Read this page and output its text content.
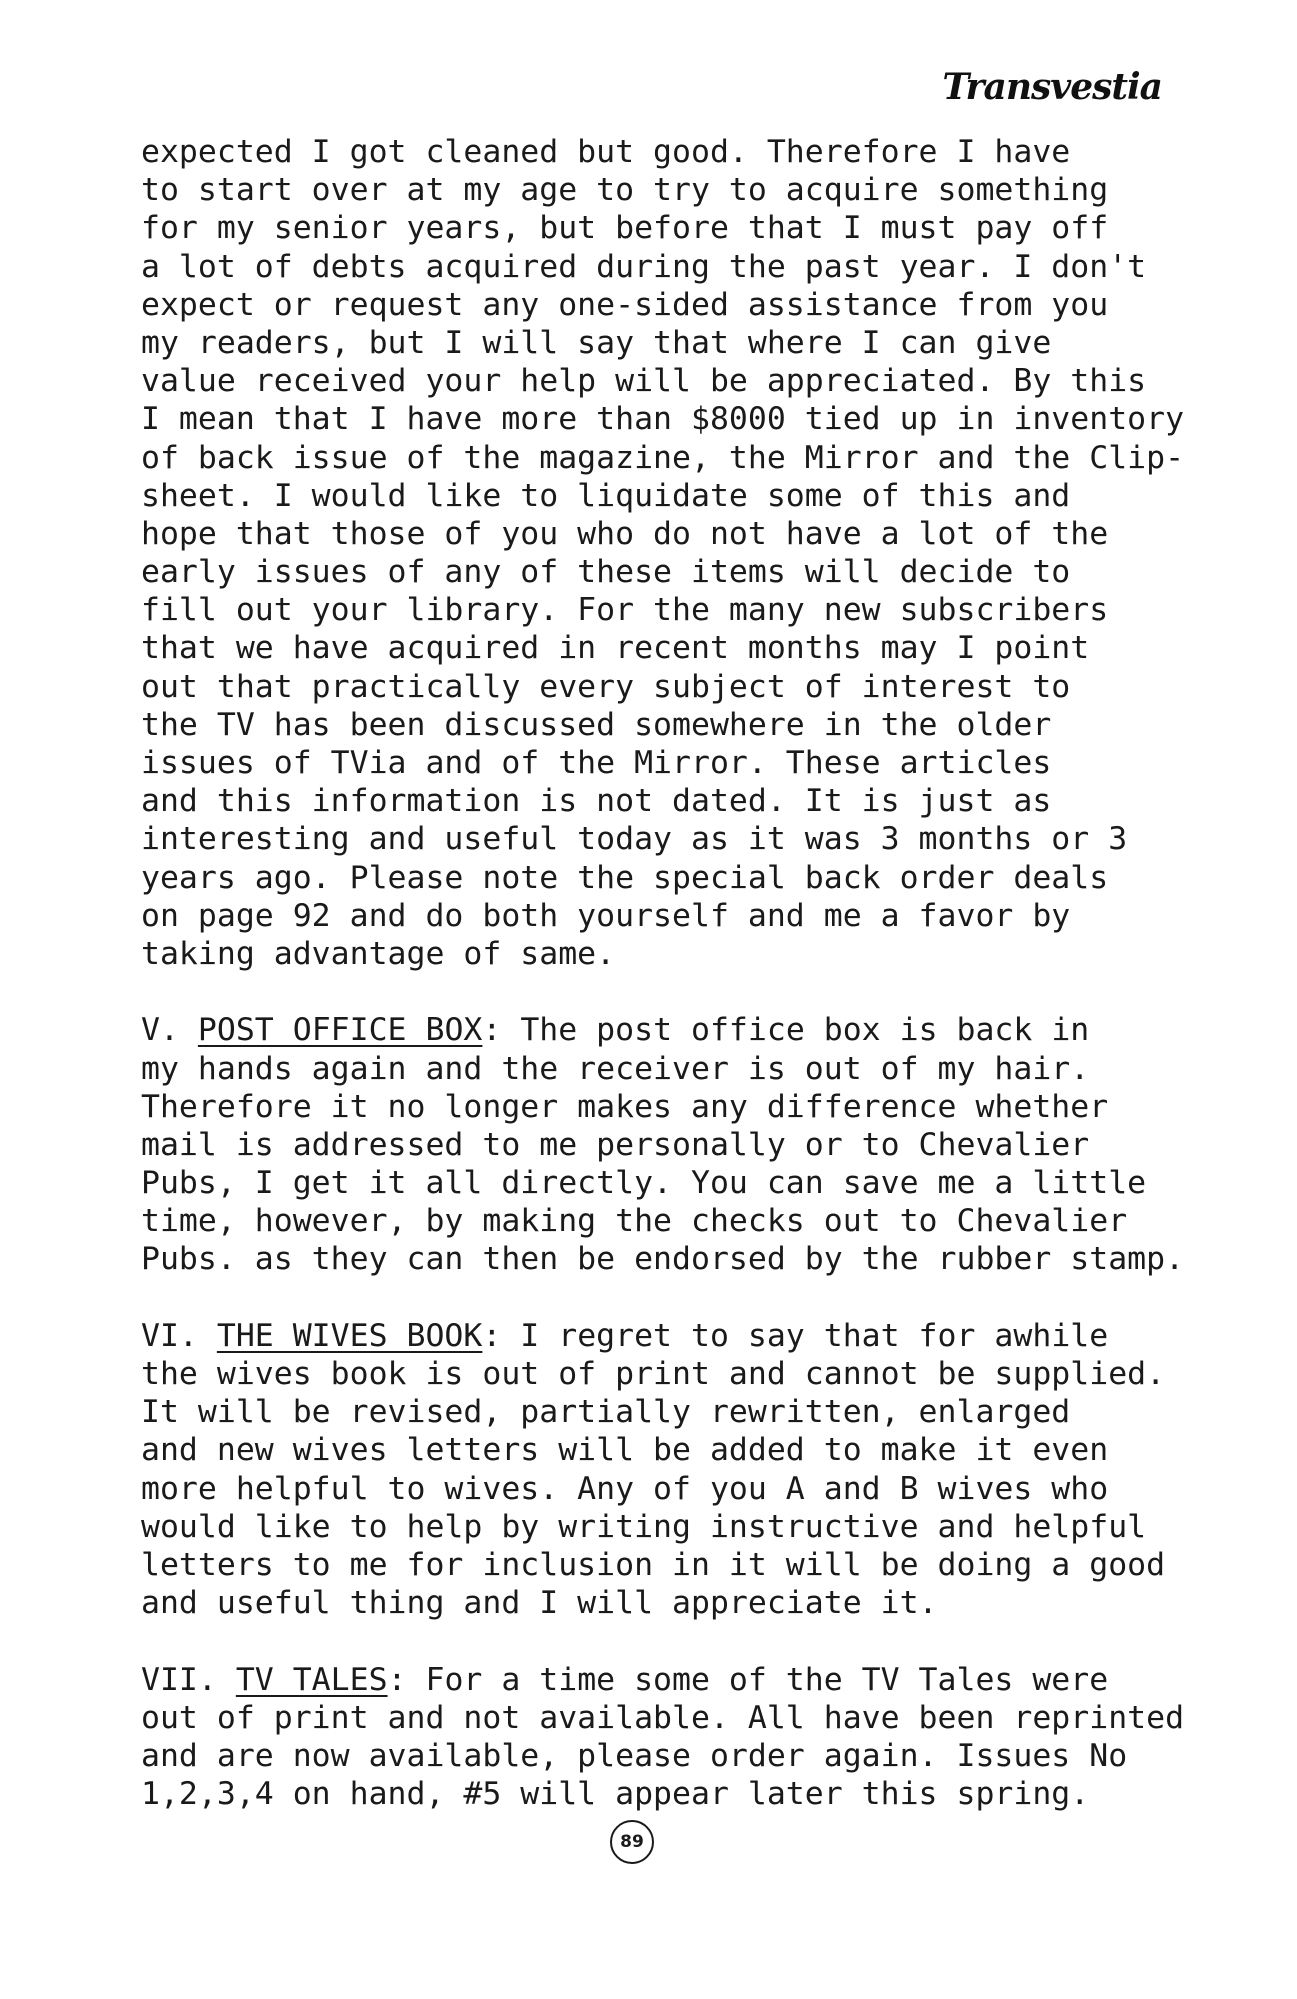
Transvestia
expected I got cleaned but good. Therefore I have
to start over at my age to try to acquire something
for my senior years, but before that I must pay off
a lot of debts acquired during the past year. I don't
expect or request any one-sided assistance from you
my readers, but I will say that where I can give
value received your help will be appreciated. By this
I mean that I have more than $8000 tied up in inventory
of back issue of the magazine, the Mirror and the Clip-
sheet. I would like to liquidate some of this and
hope that those of you who do not have a lot of the
early issues of any of these items will decide to
fill out your library. For the many new subscribers
that we have acquired in recent months may I point
out that practically every subject of interest to
the TV has been discussed somewhere in the older
issues of TVia and of the Mirror. These articles
and this information is not dated. It is just as
interesting and useful today as it was 3 months or 3
years ago. Please note the special back order deals
on page 92 and do both yourself and me a favor by
taking advantage of same.
V. POST OFFICE BOX: The post office box is back in
my hands again and the receiver is out of my hair.
Therefore it no longer makes any difference whether
mail is addressed to me personally or to Chevalier
Pubs, I get it all directly. You can save me a little
time, however, by making the checks out to Chevalier
Pubs. as they can then be endorsed by the rubber stamp.
VI. THE WIVES BOOK: I regret to say that for awhile
the wives book is out of print and cannot be supplied.
It will be revised, partially rewritten, enlarged
and new wives letters will be added to make it even
more helpful to wives. Any of you A and B wives who
would like to help by writing instructive and helpful
letters to me for inclusion in it will be doing a good
and useful thing and I will appreciate it.
VII. TV TALES: For a time some of the TV Tales were
out of print and not available. All have been reprinted
and are now available, please order again. Issues No
1,2,3,4 on hand, #5 will appear later this spring.
89
